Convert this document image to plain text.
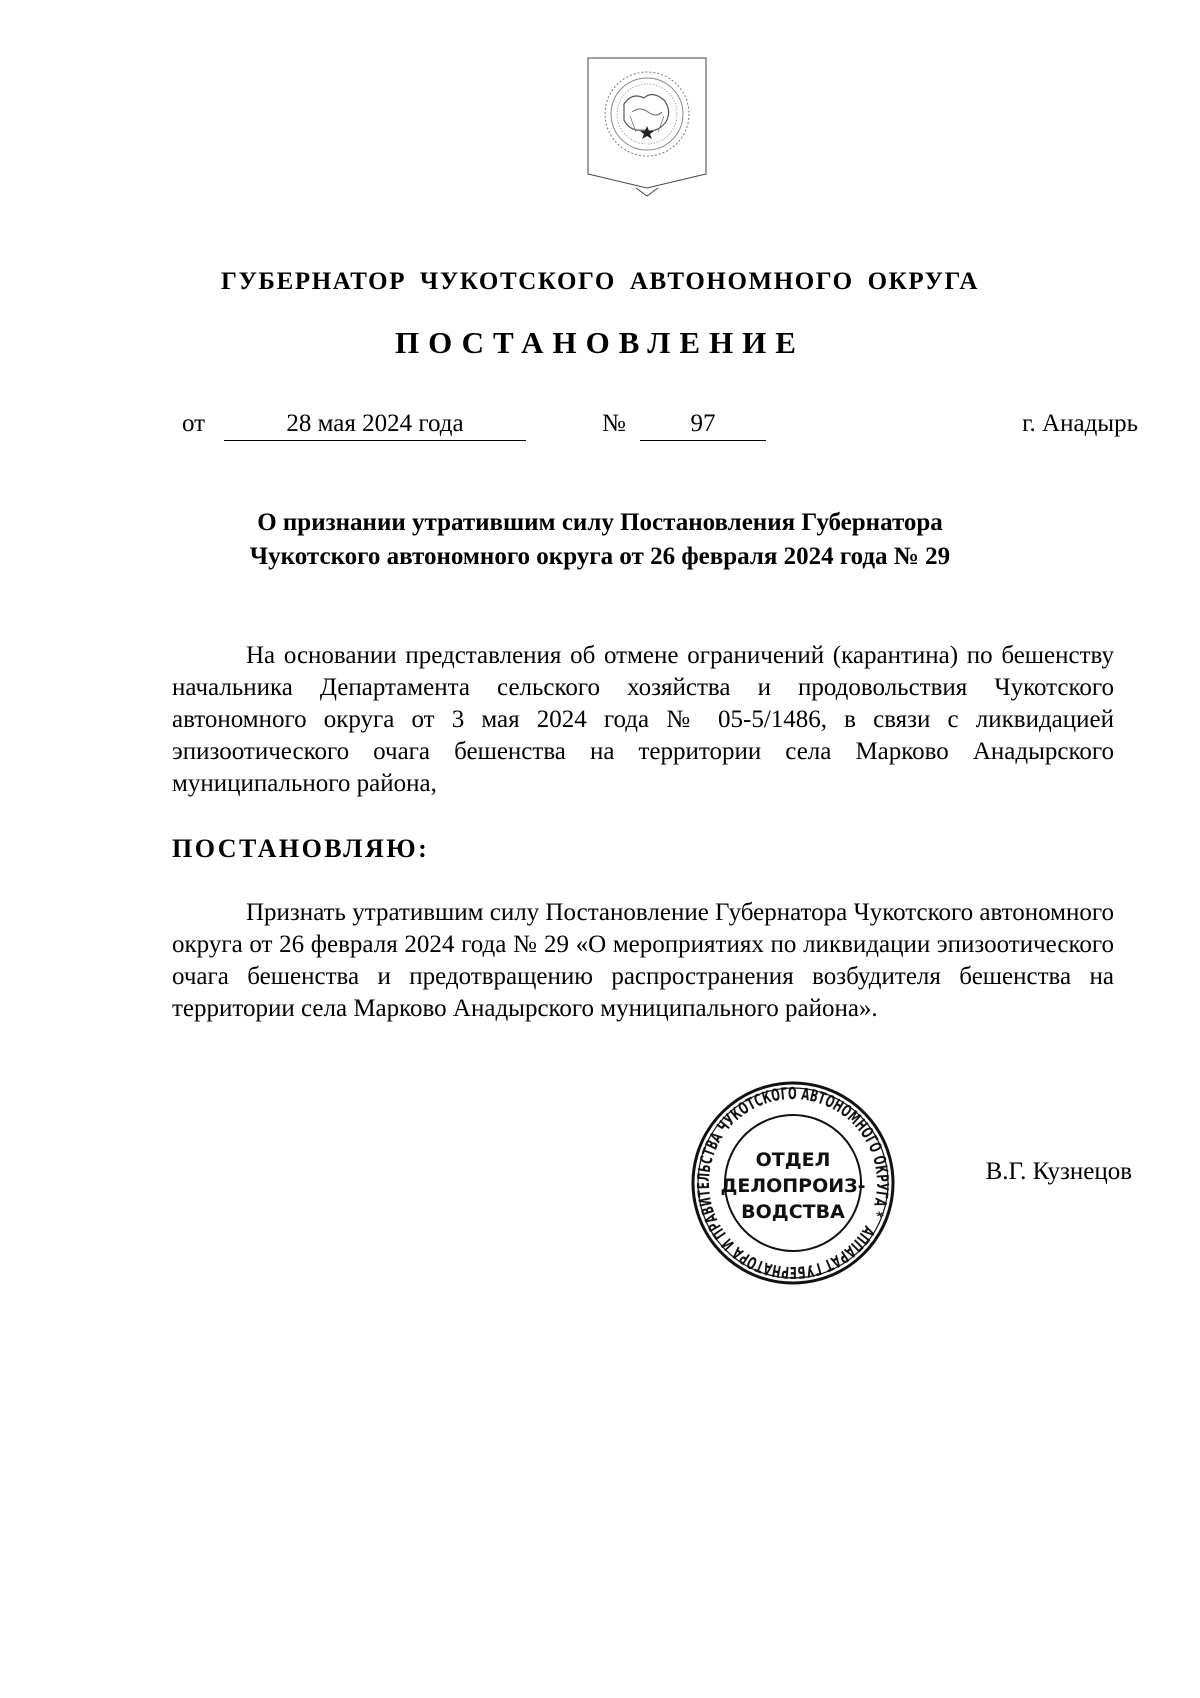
ГУБЕРНАТОР ЧУКОТСКОГО АВТОНОМНОГО ОКРУГА
ПОСТАНОВЛЕНИЕ
от	28 мая 2024 года	№	97	г. Анадырь
О признании утратившим силу Постановления Губернатора
Чукотского автономного округа от 26 февраля 2024 года № 29

На основании представления об отмене ограничений (карантина) по бешенству начальника Департамента сельского хозяйства и продовольствия Чукотского автономного округа от 3 мая 2024 года № 05-5/1486, в связи с ликвидацией эпизоотического очага бешенства на территории села Марково Анадырского муниципального района,

ПОСТАНОВЛЯЮ:

Признать утратившим силу Постановление Губернатора Чукотского автономного округа от 26 февраля 2024 года № 29 «О мероприятиях по ликвидации эпизоотического очага бешенства и предотвращению распространения возбудителя бешенства на территории села Марково Анадырского муниципального района».

АППАРАТ ГУБЕРНАТОРА И ПРАВИТЕЛЬСТВА ЧУКОТСКОГО АВТОНОМНОГО ОКРУГА *
ОТДЕЛ
ДЕЛОПРОИЗ-
ВОДСТВА
В.Г. Кузнецов
